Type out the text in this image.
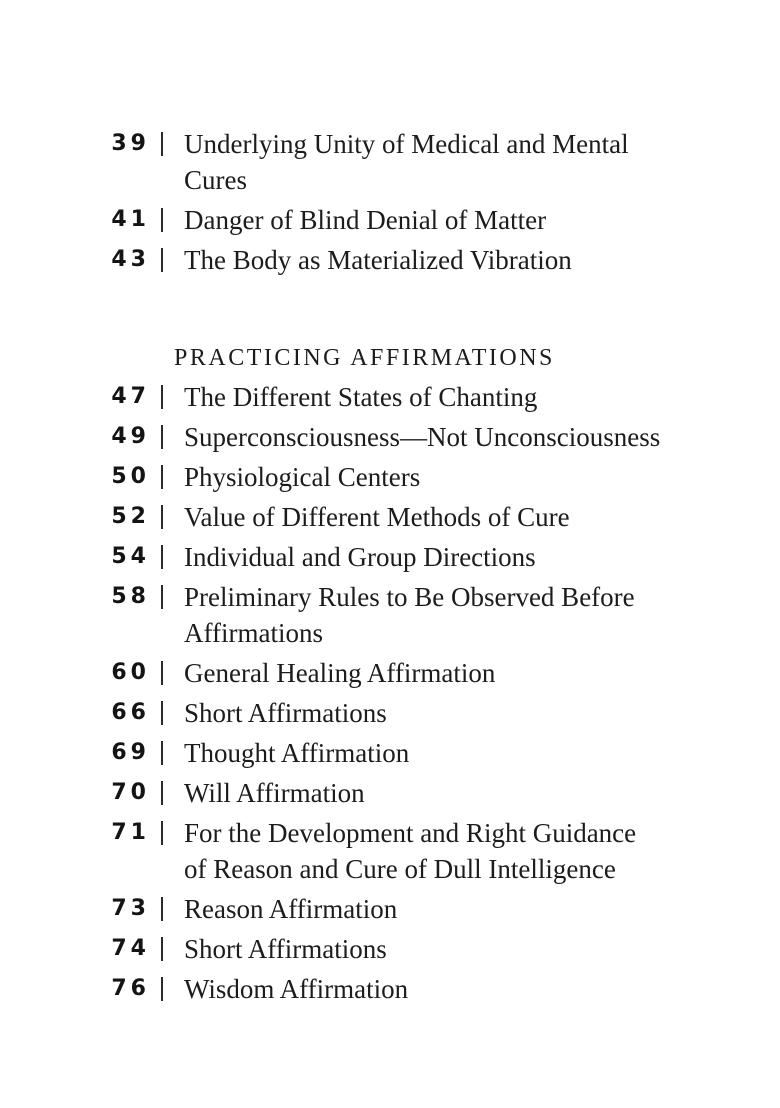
39 Underlying Unity of Medical and Mental
Cures
41 Danger of Blind Denial of Matter
43 The Body as Materialized Vibration
PRACTICING AFFIRMATIONS
47 The Different States of Chanting
49 Superconsciousness—Not Unconsciousness
50 Physiological Centers
52 Value of Different Methods of Cure
54 Individual and Group Directions
58 Preliminary Rules to Be Observed Before
Affirmations
60 General Healing Affirmation
66 Short Affirmations
69 Thought Affirmation
70 Will Affirmation
71 For the Development and Right Guidance
of Reason and Cure of Dull Intelligence
73 Reason Affirmation
74 Short Affirmations
76 Wisdom Affirmation
